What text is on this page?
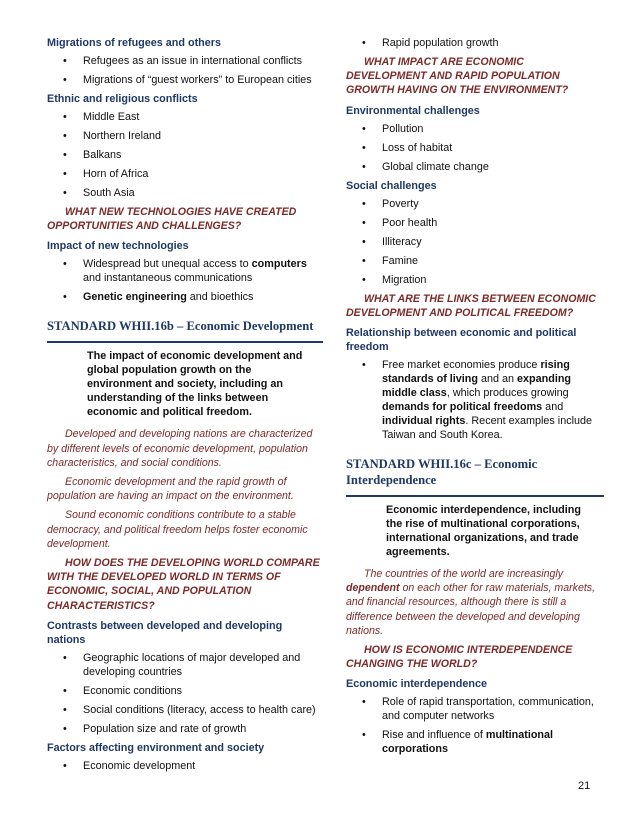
Migrations of refugees and others
• Refugees as an issue in international conflicts
• Migrations of “guest workers” to European cities
Ethnic and religious conflicts
• Middle East
• Northern Ireland
• Balkans
• Horn of Africa
• South Asia
WHAT NEW TECHNOLOGIES HAVE CREATED OPPORTUNITIES AND CHALLENGES?
Impact of new technologies
• Widespread but unequal access to computers and instantaneous communications
• Genetic engineering and bioethics
STANDARD WHII.16b – Economic Development
The impact of economic development and global population growth on the environment and society, including an understanding of the links between economic and political freedom.
Developed and developing nations are characterized by different levels of economic development, population characteristics, and social conditions.
Economic development and the rapid growth of population are having an impact on the environment.
Sound economic conditions contribute to a stable democracy, and political freedom helps foster economic development.
HOW DOES THE DEVELOPING WORLD COMPARE WITH THE DEVELOPED WORLD IN TERMS OF ECONOMIC, SOCIAL, AND POPULATION CHARACTERISTICS?
Contrasts between developed and developing nations
• Geographic locations of major developed and developing countries
• Economic conditions
• Social conditions (literacy, access to health care)
• Population size and rate of growth
Factors affecting environment and society
• Economic development
• Rapid population growth
WHAT IMPACT ARE ECONOMIC DEVELOPMENT AND RAPID POPULATION GROWTH HAVING ON THE ENVIRONMENT?
Environmental challenges
• Pollution
• Loss of habitat
• Global climate change
Social challenges
• Poverty
• Poor health
• Illiteracy
• Famine
• Migration
WHAT ARE THE LINKS BETWEEN ECONOMIC DEVELOPMENT AND POLITICAL FREEDOM?
Relationship between economic and political freedom
• Free market economies produce rising standards of living and an expanding middle class, which produces growing demands for political freedoms and individual rights. Recent examples include Taiwan and South Korea.
STANDARD WHII.16c – Economic Interdependence
Economic interdependence, including the rise of multinational corporations, international organizations, and trade agreements.
The countries of the world are increasingly dependent on each other for raw materials, markets, and financial resources, although there is still a difference between the developed and developing nations.
HOW IS ECONOMIC INTERDEPENDENCE CHANGING THE WORLD?
Economic interdependence
• Role of rapid transportation, communication, and computer networks
• Rise and influence of multinational corporations
21
